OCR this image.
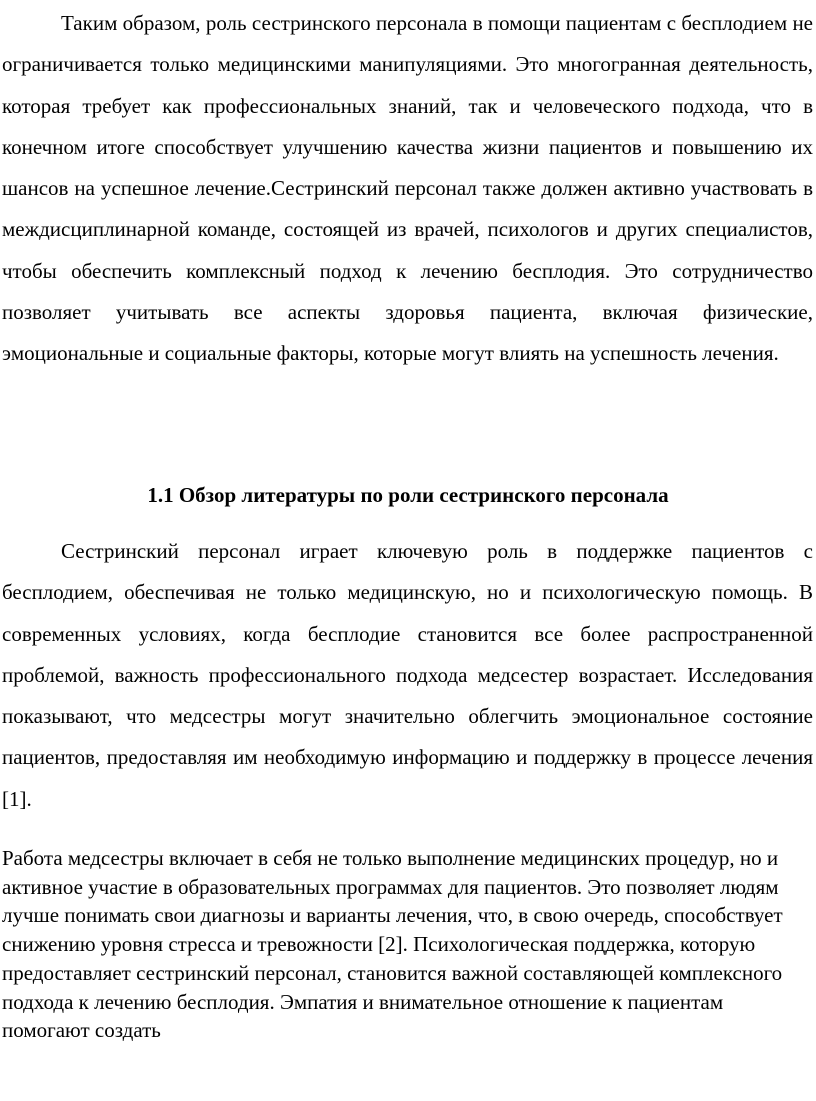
Таким образом, роль сестринского персонала в помощи пациентам с бесплодием не ограничивается только медицинскими манипуляциями. Это многогранная деятельность, которая требует как профессиональных знаний, так и человеческого подхода, что в конечном итоге способствует улучшению качества жизни пациентов и повышению их шансов на успешное лечение.Сестринский персонал также должен активно участвовать в междисциплинарной команде, состоящей из врачей, психологов и других специалистов, чтобы обеспечить комплексный подход к лечению бесплодия. Это сотрудничество позволяет учитывать все аспекты здоровья пациента, включая физические, эмоциональные и социальные факторы, которые могут влиять на успешность лечения.

1.1 Обзор литературы по роли сестринского персонала

Сестринский персонал играет ключевую роль в поддержке пациентов с бесплодием, обеспечивая не только медицинскую, но и психологическую помощь. В современных условиях, когда бесплодие становится все более распространенной проблемой, важность профессионального подхода медсестер возрастает. Исследования показывают, что медсестры могут значительно облегчить эмоциональное состояние пациентов, предоставляя им необходимую информацию и поддержку в процессе лечения [1].

Работа медсестры включает в себя не только выполнение медицинских процедур, но и активное участие в образовательных программах для пациентов. Это позволяет людям лучше понимать свои диагнозы и варианты лечения, что, в свою очередь, способствует снижению уровня стресса и тревожности [2]. Психологическая поддержка, которую предоставляет сестринский персонал, становится важной составляющей комплексного подхода к лечению бесплодия. Эмпатия и внимательное отношение к пациентам помогают создать
